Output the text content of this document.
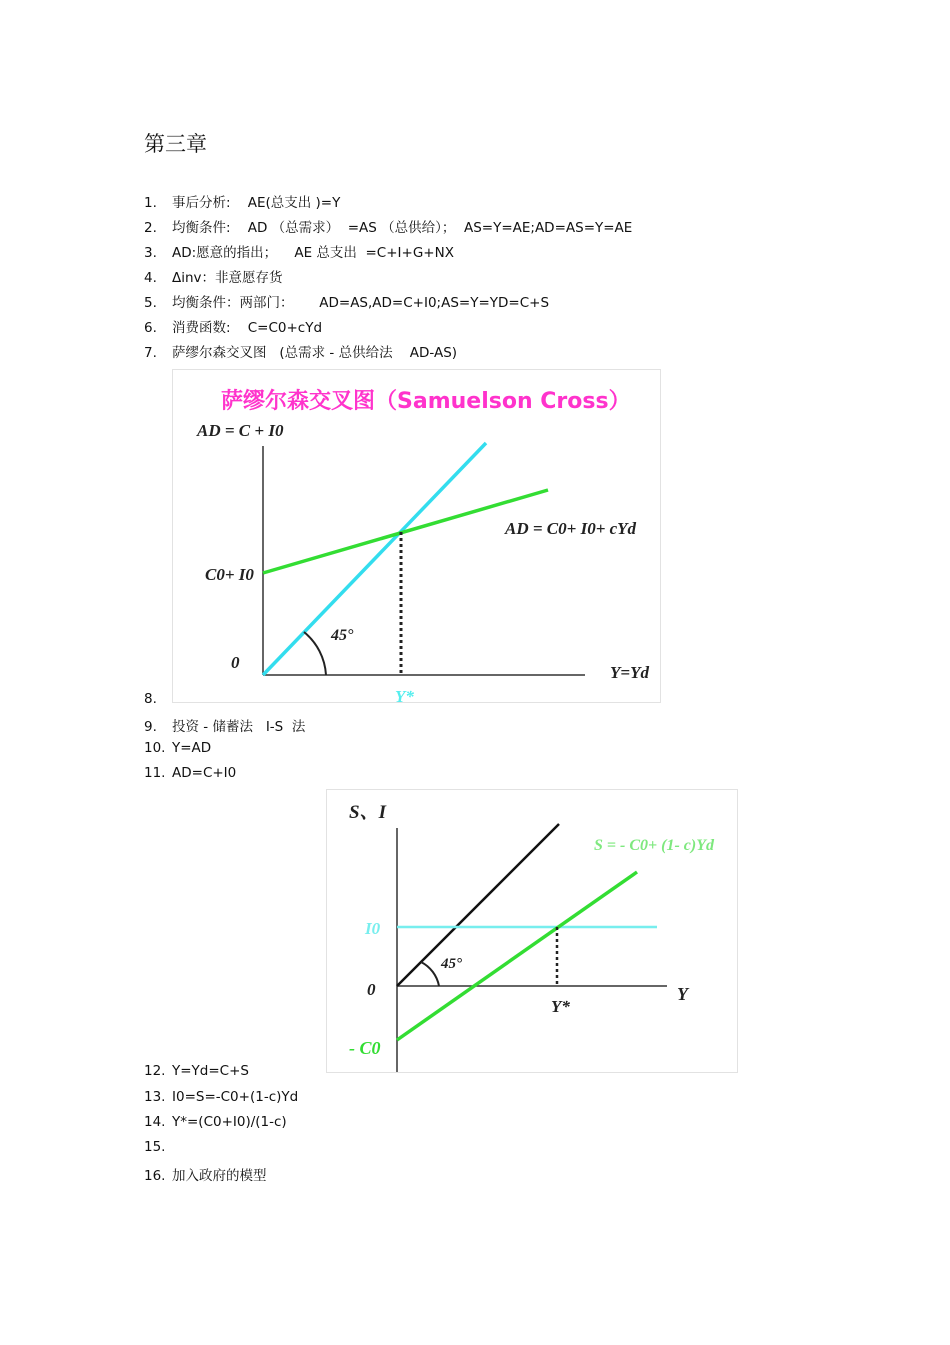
第三章
1. 事后分析:    AE(总支出 )=Y
2. 均衡条件:    AD （总需求）  =AS （总供给）；  AS=Y=AE;AD=AS=Y=AE
3. AD:愿意的指出；    AE 总支出  =C+I+G+NX
4. Δinv：非意愿存货
5. 均衡条件：两部门：      AD=AS,AD=C+I0;AS=Y=YD=C+S
6. 消费函数:    C=C0+cYd
7. 萨缪尔森交叉图   (总需求 - 总供给法    AD-AS)
8.
9. 投资 - 储蓄法   I-S  法
10. Y=AD
11. AD=C+I0
12. Y=Yd=C+S
13. I0=S=-C0+(1-c)Yd
14. Y*=(C0+I0)/(1-c)
15.
16. 加入政府的模型
萨缪尔森交叉图（Samuelson Cross）
AD = C + I0
45°
C0+ I0
AD = C0+ I0+ cYd
0
Y=Yd
Y*
S、I
45°
S = - C0+ (1- c)Yd
I0
0	Y
Y*
- C0
